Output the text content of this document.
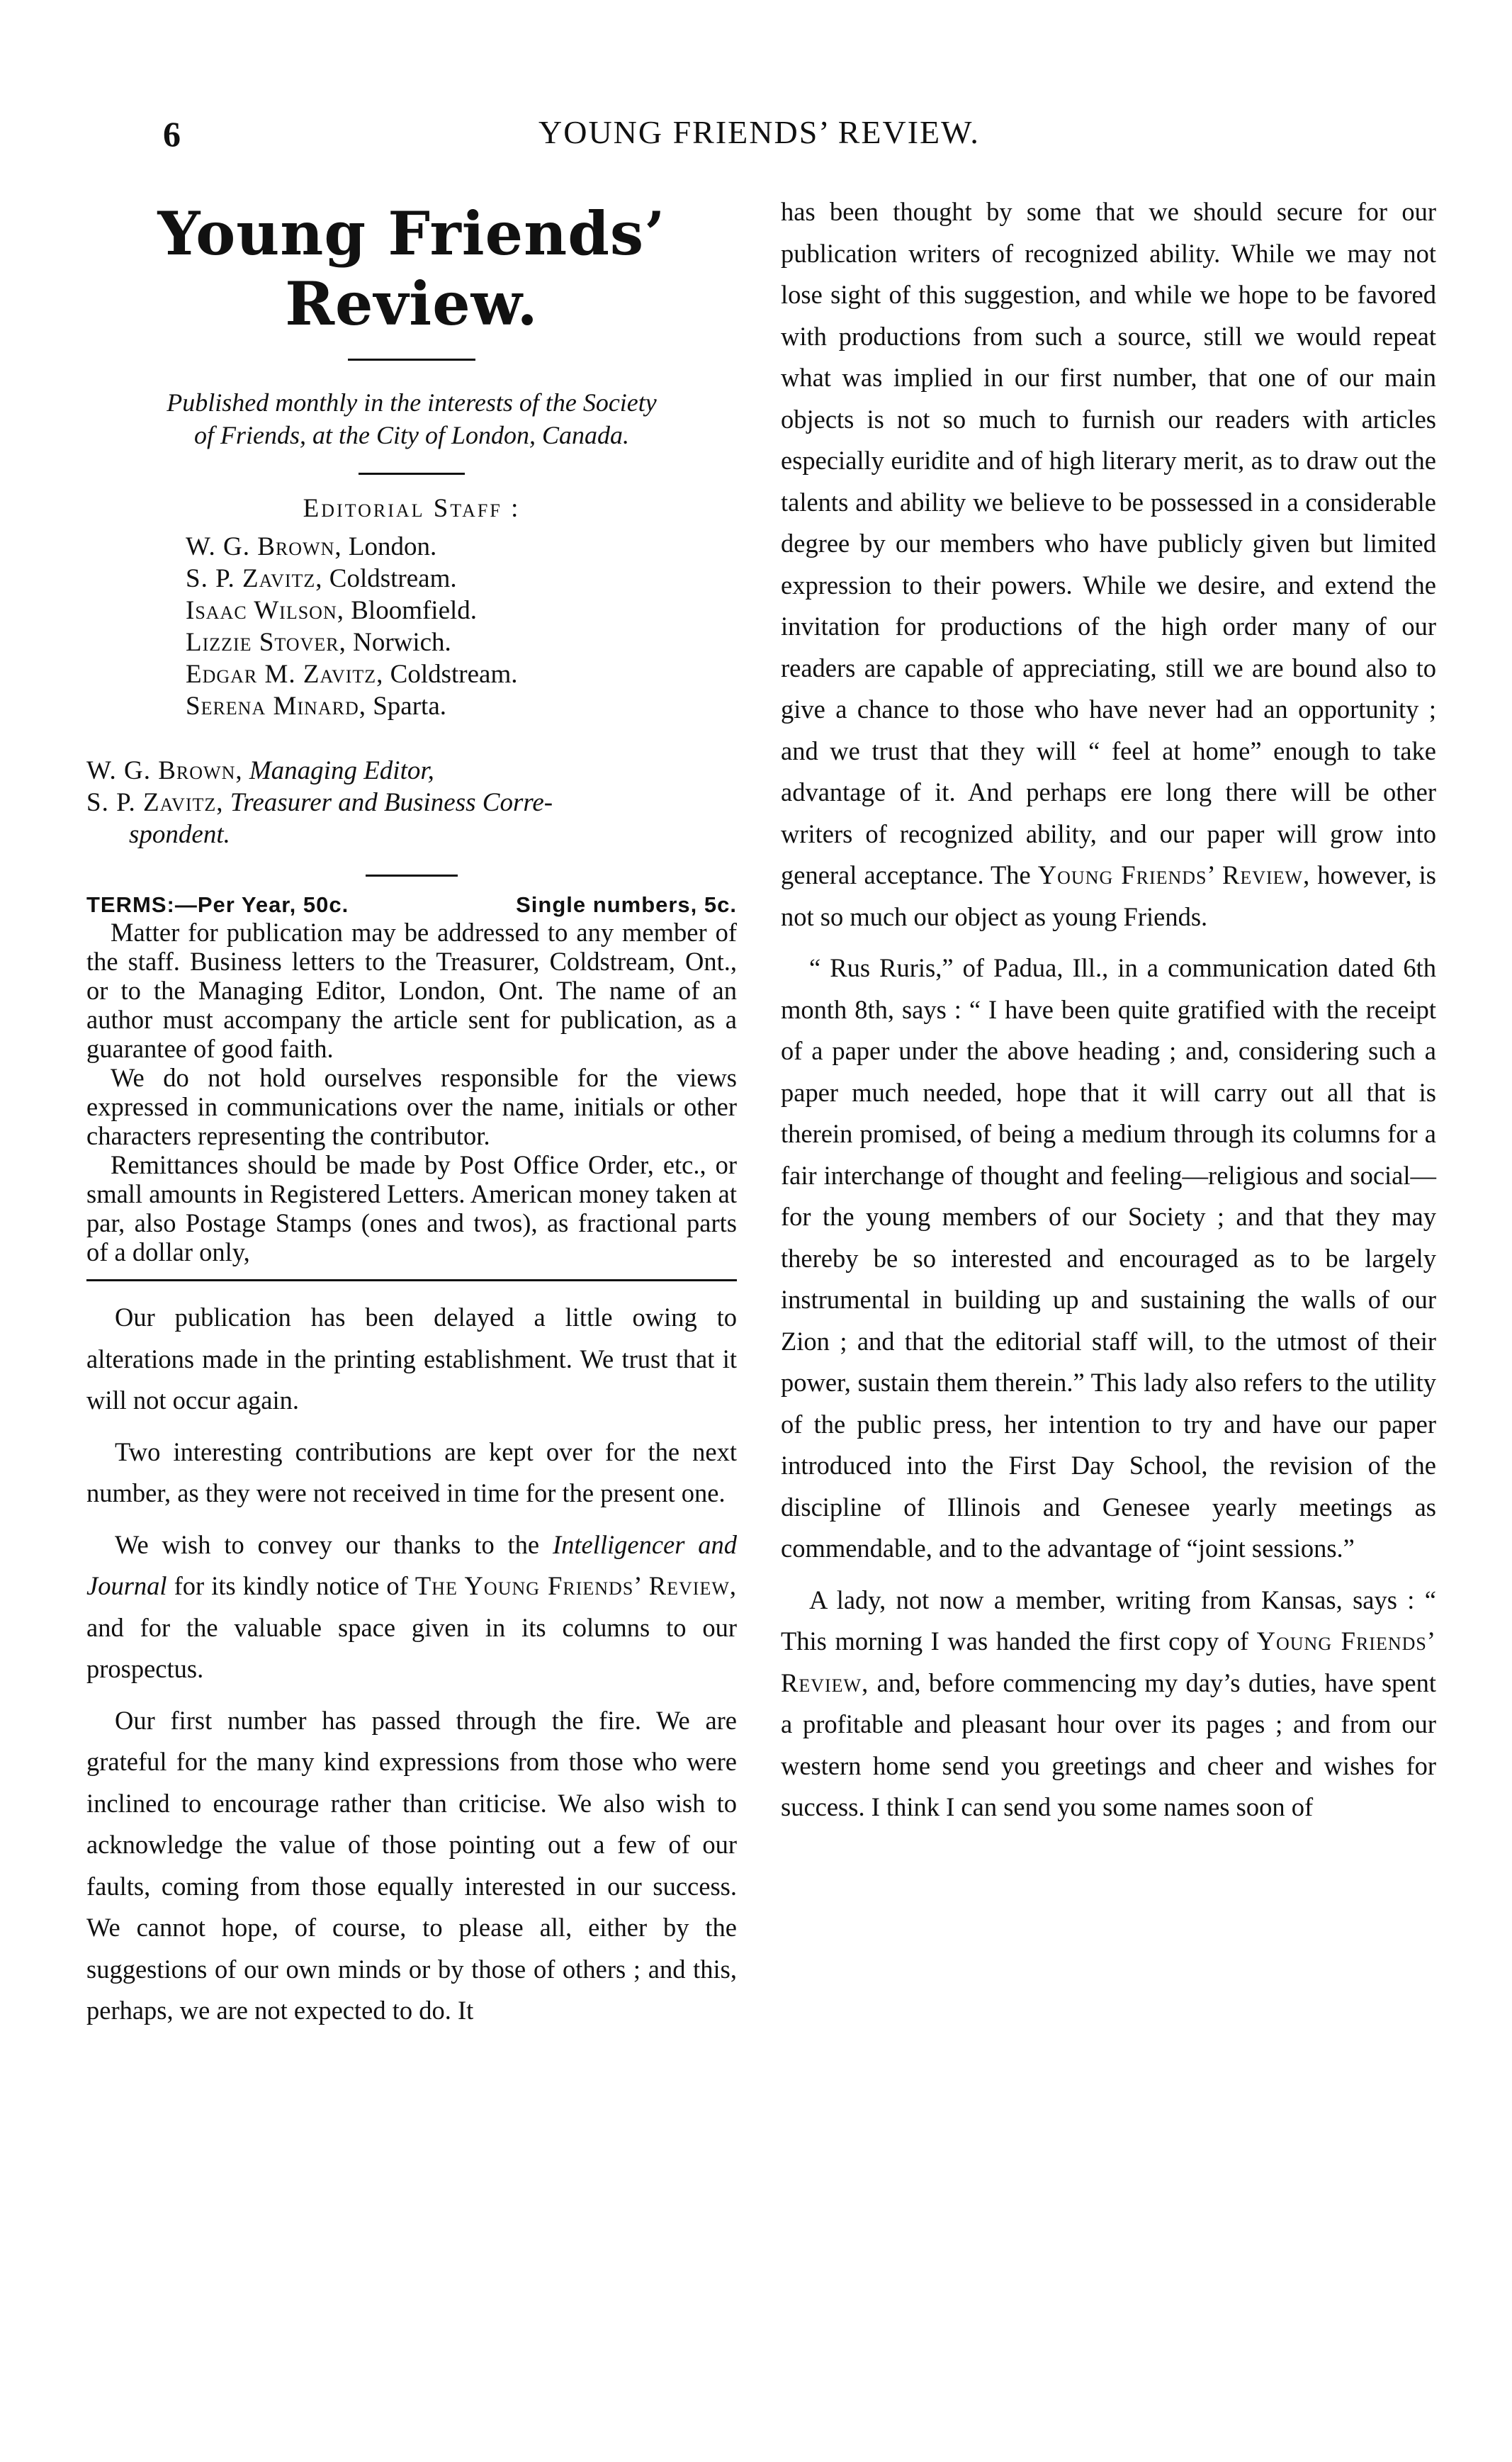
6	YOUNG FRIENDS’ REVIEW.
Young Friends’ Review.
Published monthly in the interests of the Society
of Friends, at the City of London, Canada.
Editorial Staff :
W. G. Brown, London.
S. P. Zavitz, Coldstream.
Isaac Wilson, Bloomfield.
Lizzie Stover, Norwich.
Edgar M. Zavitz, Coldstream.
Serena Minard, Sparta.
W. G. Brown, Managing Editor,
S. P. Zavitz, Treasurer and Business Corre-
spondent.
TERMS:—Per Year, 50c.	Single numbers, 5c.

Matter for publication may be addressed to any member of the staff. Business letters to the Treasurer, Coldstream, Ont., or to the Managing Editor, London, Ont. The name of an author must accompany the article sent for publication, as a guarantee of good faith.

We do not hold ourselves responsible for the views expressed in communications over the name, initials or other characters representing the contributor.

Remittances should be made by Post Office Order, etc., or small amounts in Registered Letters. American money taken at par, also Postage Stamps (ones and twos), as fractional parts of a dollar only,

Our publication has been delayed a little owing to alterations made in the printing establishment. We trust that it will not occur again.

Two interesting contributions are kept over for the next number, as they were not received in time for the present one.

We wish to convey our thanks to the Intelligencer and Journal for its kindly notice of The Young Friends’ Review, and for the valuable space given in its columns to our prospectus.

Our first number has passed through the fire. We are grateful for the many kind expressions from those who were inclined to encourage rather than criticise. We also wish to acknowledge the value of those pointing out a few of our faults, coming from those equally interested in our success. We cannot hope, of course, to please all, either by the suggestions of our own minds or by those of others ; and this, perhaps, we are not expected to do. It

has been thought by some that we should secure for our publication writers of recognized ability. While we may not lose sight of this suggestion, and while we hope to be favored with productions from such a source, still we would repeat what was implied in our first number, that one of our main objects is not so much to furnish our readers with articles especially euridite and of high literary merit, as to draw out the talents and ability we believe to be possessed in a considerable degree by our members who have publicly given but limited expression to their powers. While we desire, and extend the invitation for productions of the high order many of our readers are capable of appreciating, still we are bound also to give a chance to those who have never had an opportunity ; and we trust that they will “ feel at home” enough to take advantage of it. And perhaps ere long there will be other writers of recognized ability, and our paper will grow into general acceptance. The Young Friends’ Review, however, is not so much our object as young Friends.

“ Rus Ruris,” of Padua, Ill., in a communication dated 6th month 8th, says : “ I have been quite gratified with the receipt of a paper under the above heading ; and, considering such a paper much needed, hope that it will carry out all that is therein promised, of being a medium through its columns for a fair interchange of thought and feeling—religious and social—for the young members of our Society ; and that they may thereby be so interested and encouraged as to be largely instrumental in building up and sustaining the walls of our Zion ; and that the editorial staff will, to the utmost of their power, sustain them therein.” This lady also refers to the utility of the public press, her intention to try and have our paper introduced into the First Day School, the revision of the discipline of Illinois and Genesee yearly meetings as commendable, and to the advantage of “joint sessions.”

A lady, not now a member, writing from Kansas, says : “ This morning I was handed the first copy of Young Friends’ Review, and, before commencing my day’s duties, have spent a profitable and pleasant hour over its pages ; and from our western home send you greetings and cheer and wishes for success. I think I can send you some names soon of
